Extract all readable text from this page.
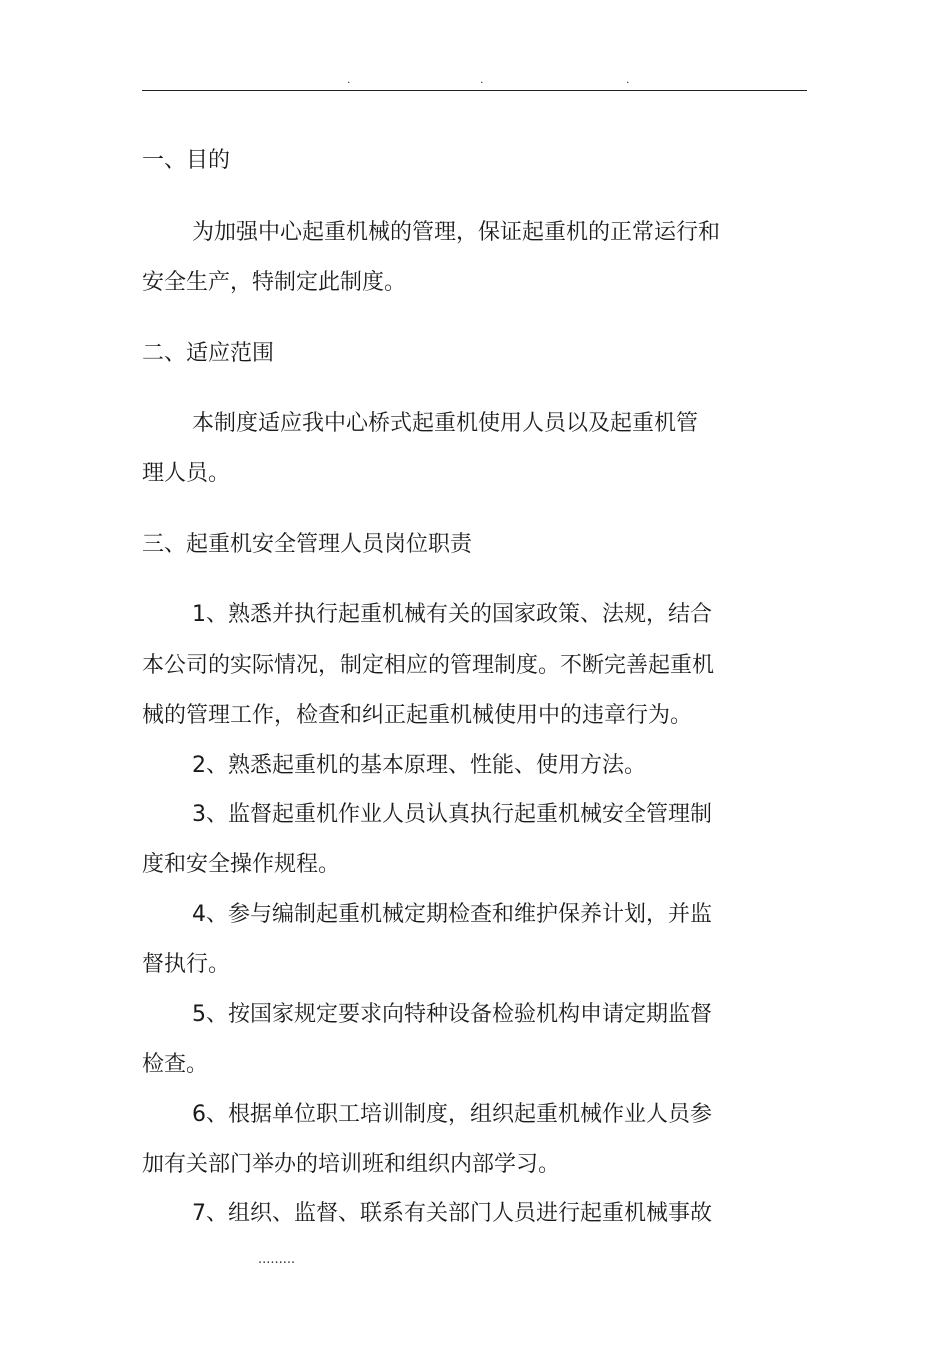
.	.	.
一、目的
为加强中心起重机械的管理，保证起重机的正常运行和
安全生产，特制定此制度。
二、适应范围
本制度适应我中心桥式起重机使用人员以及起重机管
理人员。
三、起重机安全管理人员岗位职责
1、熟悉并执行起重机械有关的国家政策、法规，结合
本公司的实际情况，制定相应的管理制度。不断完善起重机
械的管理工作，检查和纠正起重机械使用中的违章行为。
2、熟悉起重机的基本原理、性能、使用方法。
3、监督起重机作业人员认真执行起重机械安全管理制
度和安全操作规程。
4、参与编制起重机械定期检查和维护保养计划，并监
督执行。
5、按国家规定要求向特种设备检验机构申请定期监督
检查。
6、根据单位职工培训制度，组织起重机械作业人员参
加有关部门举办的培训班和组织内部学习。
7、组织、监督、联系有关部门人员进行起重机械事故
.........
